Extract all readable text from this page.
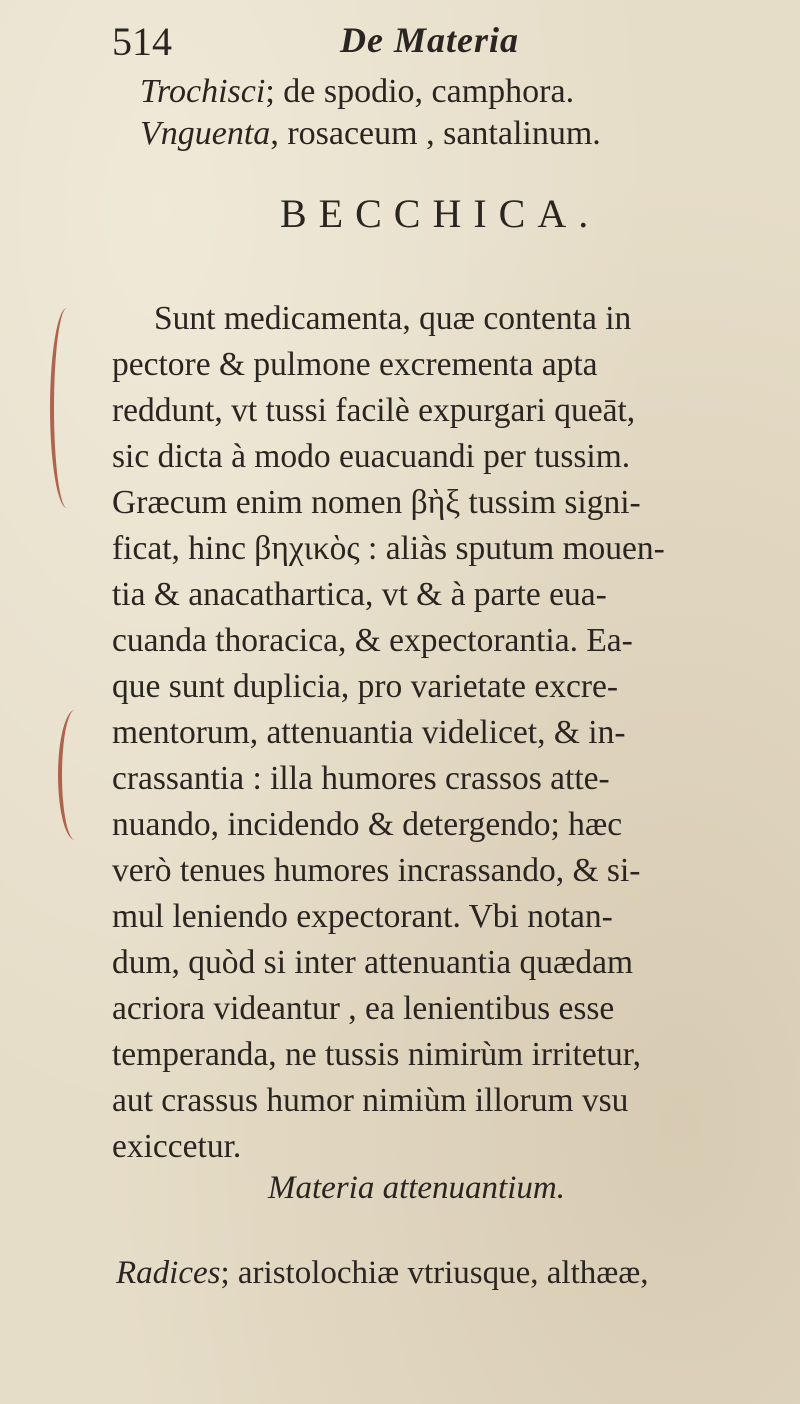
514	De Materia
Trochisci; de spodio, camphora.
Vnguenta, rosaceum , santalinum.
BECCHICA.
Sunt medicamenta, quæ contenta in
pectore & pulmone excrementa apta
reddunt, vt tussi facilè expurgari queāt,
sic dicta à modo euacuandi per tussim.
Græcum enim nomen βὴξ tussim signi-
ficat, hinc βηχικὸς : aliàs sputum mouen-
tia & anacathartica, vt & à parte eua-
cuanda thoracica, & expectorantia. Ea-
que sunt duplicia, pro varietate excre-
mentorum, attenuantia videlicet, & in-
crassantia : illa humores crassos atte-
nuando, incidendo & detergendo; hæc
verò tenues humores incrassando, & si-
mul leniendo expectorant. Vbi notan-
dum, quòd si inter attenuantia quædam
acriora videantur , ea lenientibus esse
temperanda, ne tussis nimirùm irritetur,
aut crassus humor nimiùm illorum vsu
exiccetur.
Materia attenuantium.
Radices; aristolochiæ vtriusque, althææ,
